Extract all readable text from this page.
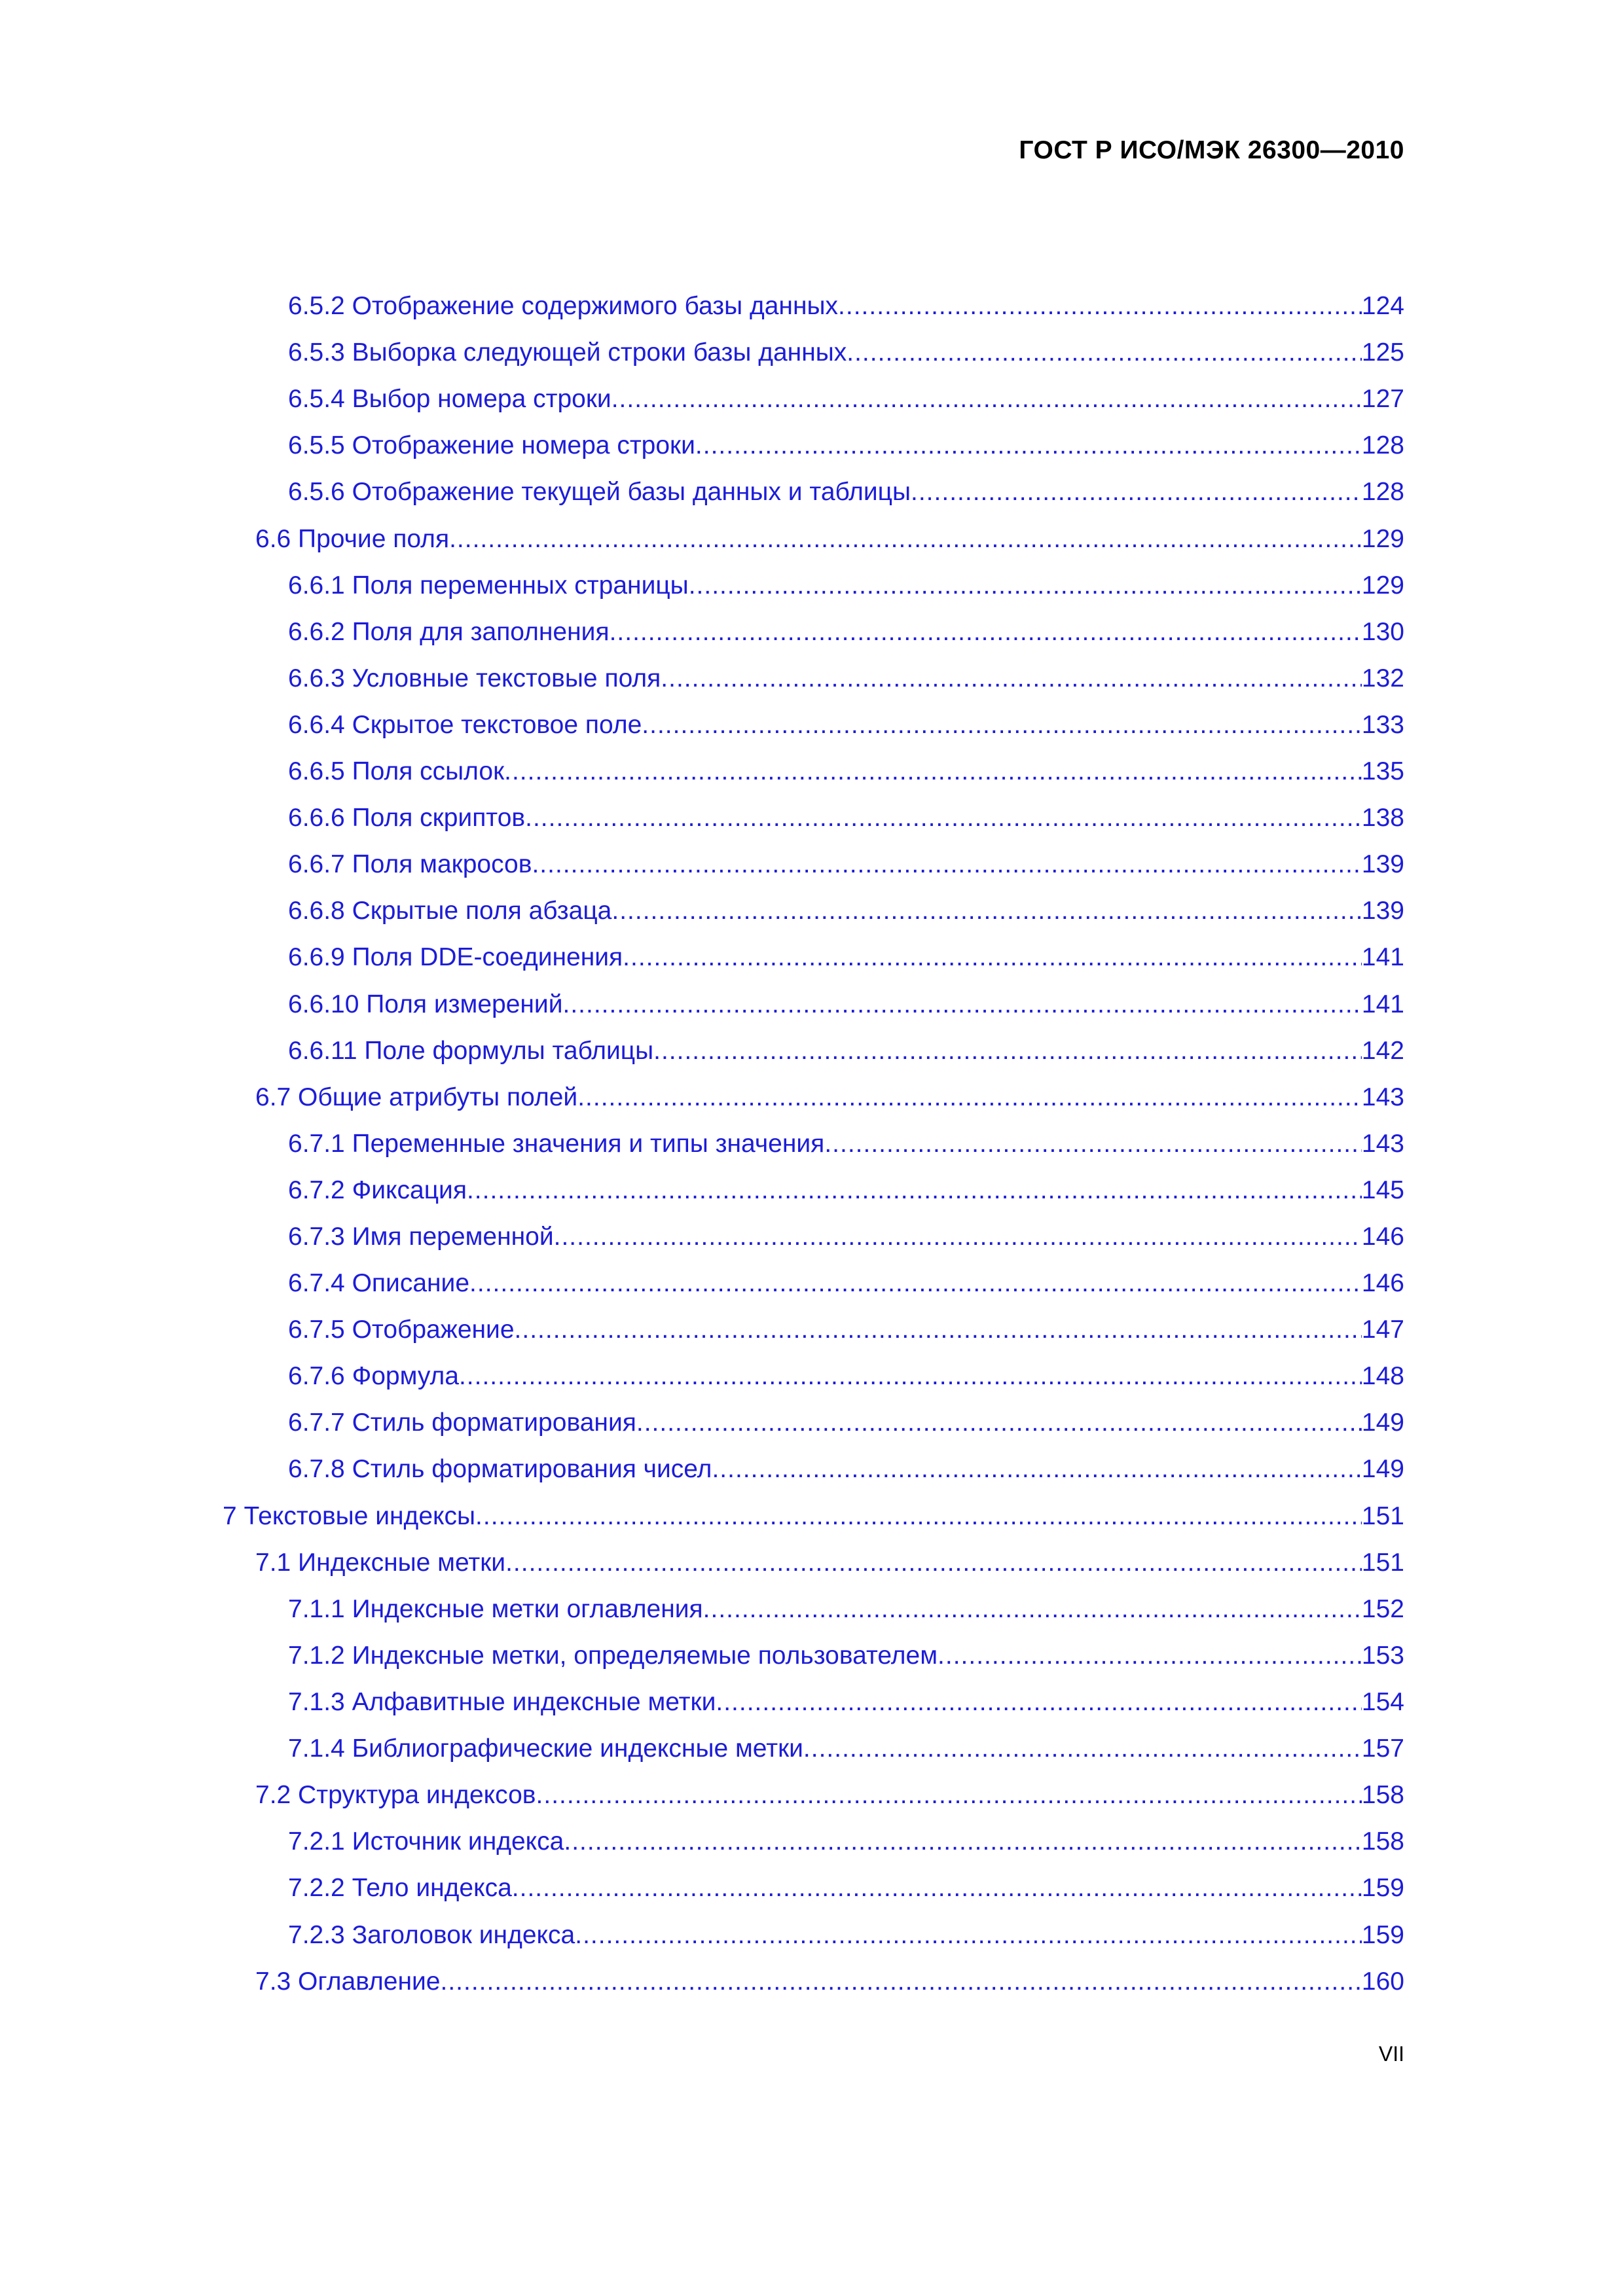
ГОСТ Р ИСО/МЭК 26300—2010
6.5.2 Отображение содержимого базы данных .....	124
6.5.3 Выборка следующей строки базы данных .....	125
6.5.4 Выбор номера строки .....	127
6.5.5 Отображение номера строки .....	128
6.5.6 Отображение текущей базы данных и таблицы .....	128
6.6 Прочие поля .....	129
6.6.1 Поля переменных страницы .....	129
6.6.2 Поля для заполнения .....	130
6.6.3 Условные текстовые поля .....	132
6.6.4 Скрытое текстовое поле .....	133
6.6.5 Поля ссылок .....	135
6.6.6 Поля скриптов .....	138
6.6.7 Поля макросов .....	139
6.6.8 Скрытые поля абзаца .....	139
6.6.9 Поля DDE-соединения .....	141
6.6.10 Поля измерений .....	141
6.6.11 Поле формулы таблицы .....	142
6.7 Общие атрибуты полей .....	143
6.7.1 Переменные значения и типы значения .....	143
6.7.2 Фиксация .....	145
6.7.3 Имя переменной .....	146
6.7.4 Описание .....	146
6.7.5 Отображение .....	147
6.7.6 Формула .....	148
6.7.7 Стиль форматирования .....	149
6.7.8 Стиль форматирования чисел .....	149
7 Текстовые индексы .....	151
7.1 Индексные метки .....	151
7.1.1 Индексные метки оглавления .....	152
7.1.2 Индексные метки, определяемые пользователем .....	153
7.1.3 Алфавитные индексные метки .....	154
7.1.4 Библиографические индексные метки .....	157
7.2 Структура индексов .....	158
7.2.1 Источник индекса .....	158
7.2.2 Тело индекса .....	159
7.2.3 Заголовок индекса .....	159
7.3 Оглавление .....	160
VII
